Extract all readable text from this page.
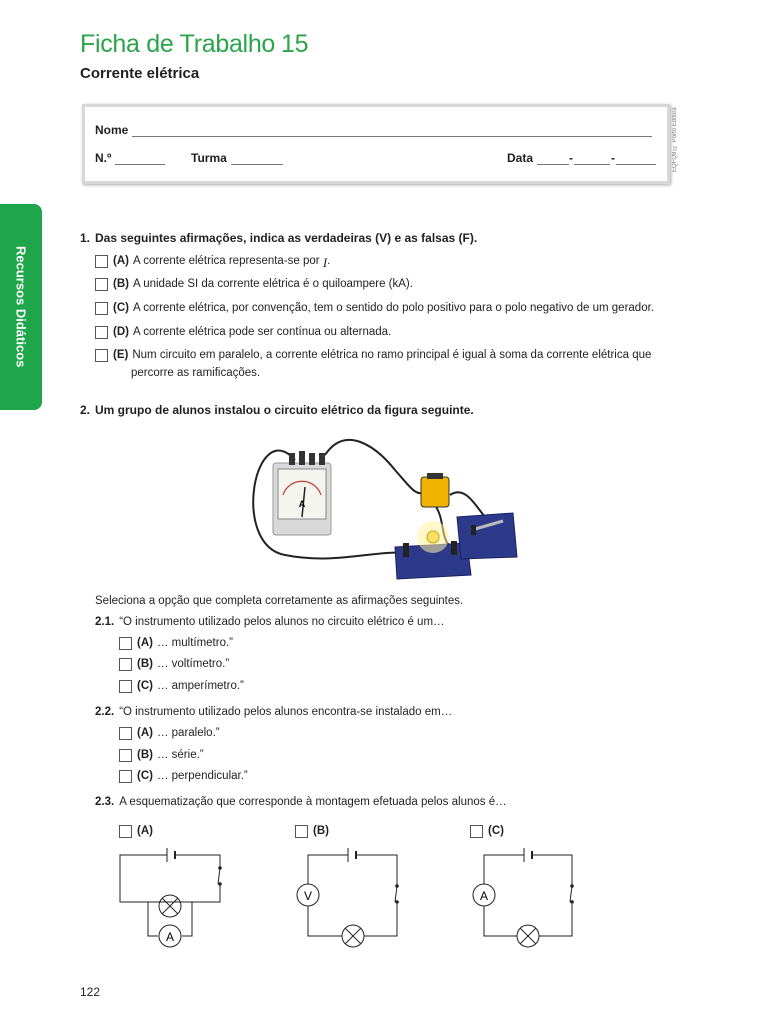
Ficha de Trabalho 15
Corrente elétrica
Nome
N.º	Turma	Data	-	-	EQFQ8 © Porto Editora
Recursos Didáticos
1. Das seguintes afirmações, indica as verdadeiras (V) e as falsas (F).
(A) A corrente elétrica representa-se por
I .
(B) A unidade SI da corrente elétrica é o quiloampere (kA).
(C) A corrente elétrica, por convenção, tem o sentido do polo positivo para o polo negativo de um gerador.
(D) A corrente elétrica pode ser contínua ou alternada.
(E) Num circuito em paralelo, a corrente elétrica no ramo principal é igual à soma da corrente elétrica que
percorre as ramificações.
2. Um grupo de alunos instalou o circuito elétrico da figura seguinte.
A
Seleciona a opção que completa corretamente as afirmações seguintes.
2.1. “O instrumento utilizado pelos alunos no circuito elétrico é um…
(A) … multímetro.”
(B) … voltímetro.”
(C) … amperímetro.”
2.2. “O instrumento utilizado pelos alunos encontra-se instalado em…
(A) … paralelo.”
(B) … série.”
(C) … perpendicular.”
2.3. A esquematização que corresponde à montagem efetuada pelos alunos é…
(A)
A
(B)
V
(C)
A
122
